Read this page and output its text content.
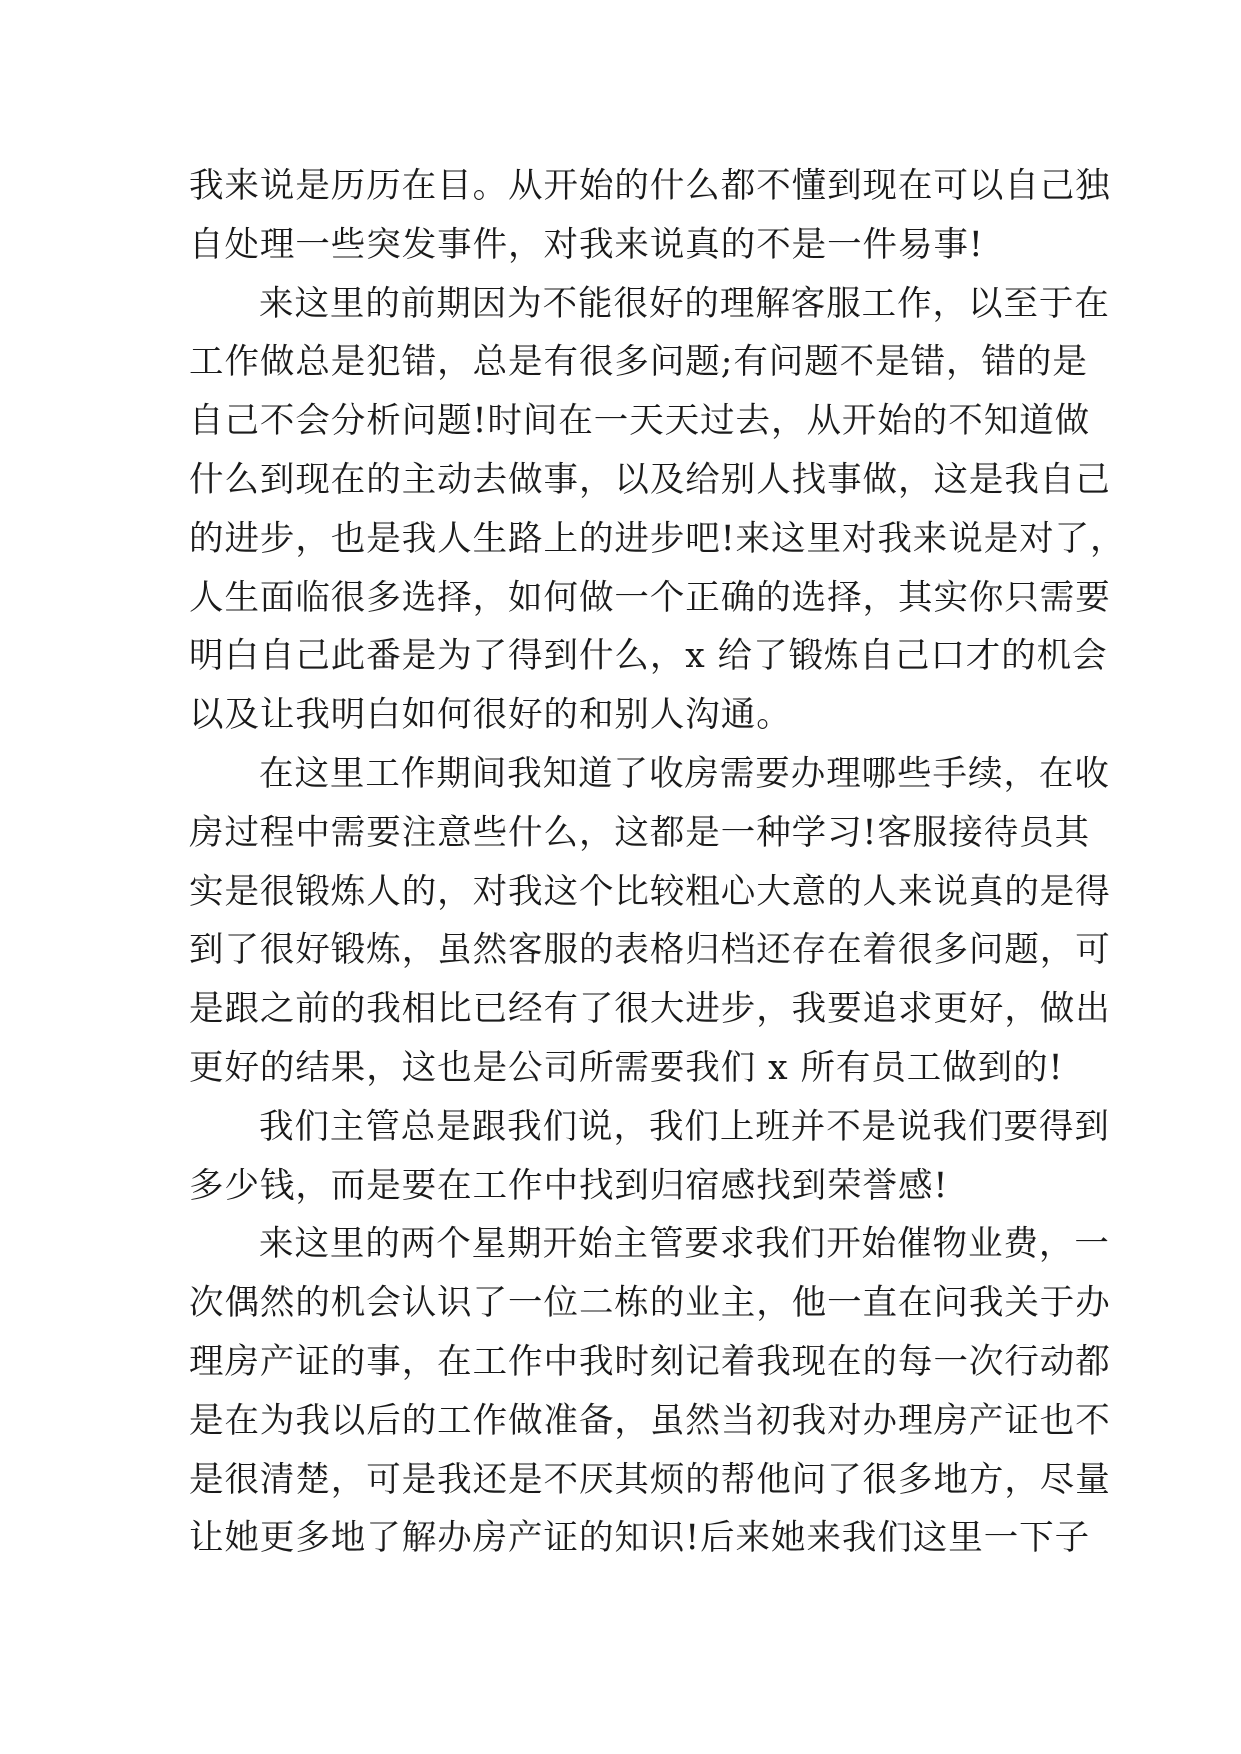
我来说是历历在目。从开始的什么都不懂到现在可以自己独
自处理一些突发事件，对我来说真的不是一件易事!
来这里的前期因为不能很好的理解客服工作，以至于在
工作做总是犯错，总是有很多问题;有问题不是错，错的是
自己不会分析问题!时间在一天天过去，从开始的不知道做
什么到现在的主动去做事，以及给别人找事做，这是我自己
的进步，也是我人生路上的进步吧!来这里对我来说是对了，
人生面临很多选择，如何做一个正确的选择，其实你只需要
明白自己此番是为了得到什么，x 给了锻炼自己口才的机会
以及让我明白如何很好的和别人沟通。
在这里工作期间我知道了收房需要办理哪些手续，在收
房过程中需要注意些什么，这都是一种学习!客服接待员其
实是很锻炼人的，对我这个比较粗心大意的人来说真的是得
到了很好锻炼，虽然客服的表格归档还存在着很多问题，可
是跟之前的我相比已经有了很大进步，我要追求更好，做出
更好的结果，这也是公司所需要我们 x 所有员工做到的!
我们主管总是跟我们说，我们上班并不是说我们要得到
多少钱，而是要在工作中找到归宿感找到荣誉感!
来这里的两个星期开始主管要求我们开始催物业费，一
次偶然的机会认识了一位二栋的业主，他一直在问我关于办
理房产证的事，在工作中我时刻记着我现在的每一次行动都
是在为我以后的工作做准备，虽然当初我对办理房产证也不
是很清楚，可是我还是不厌其烦的帮他问了很多地方，尽量
让她更多地了解办房产证的知识!后来她来我们这里一下子
